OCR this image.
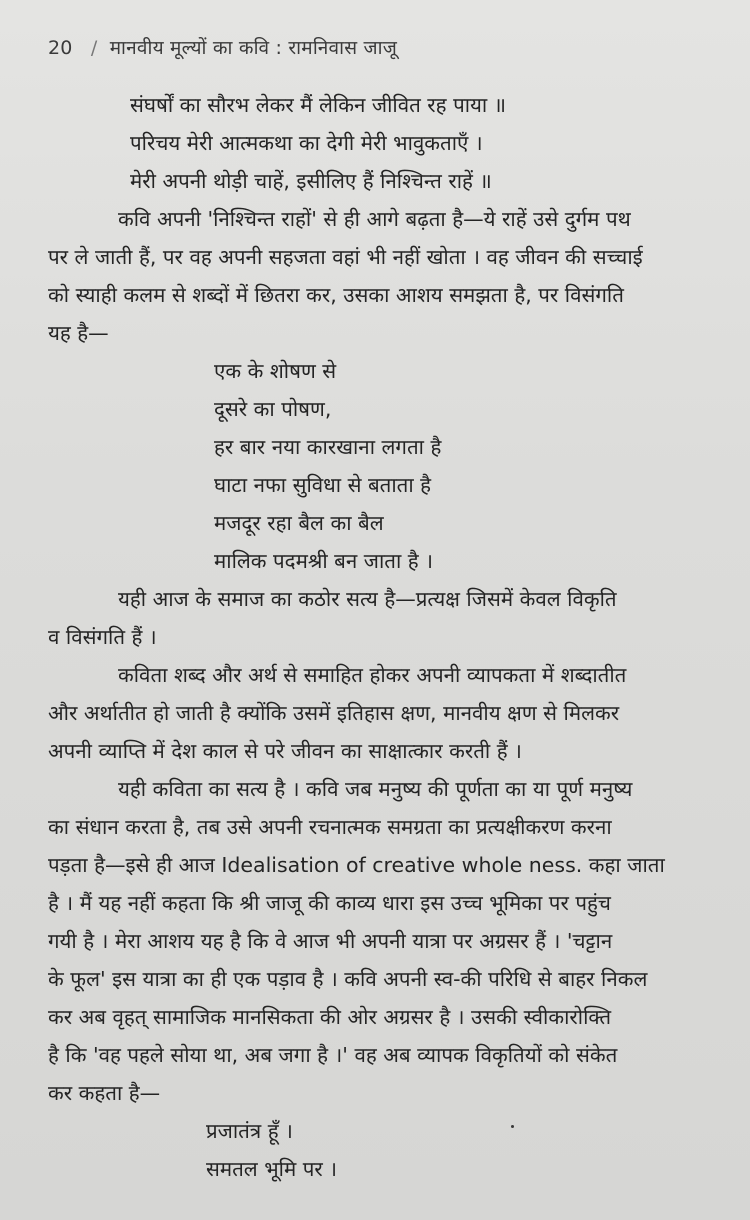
20 / मानवीय मूल्यों का कवि : रामनिवास जाजू
संघर्षों का सौरभ लेकर मैं लेकिन जीवित रह पाया ॥
परिचय मेरी आत्मकथा का देगी मेरी भावुकताएँ ।
मेरी अपनी थोड़ी चाहें, इसीलिए हैं निश्चिन्त राहें ॥
कवि अपनी 'निश्चिन्त राहों' से ही आगे बढ़ता है—ये राहें उसे दुर्गम पथ
पर ले जाती हैं, पर वह अपनी सहजता वहां भी नहीं खोता । वह जीवन की सच्चाई
को स्याही कलम से शब्दों में छितरा कर, उसका आशय समझता है, पर विसंगति
यह है—
एक के शोषण से
दूसरे का पोषण,
हर बार नया कारखाना लगता है
घाटा नफा सुविधा से बताता है
मजदूर रहा बैल का बैल
मालिक पदमश्री बन जाता है ।
यही आज के समाज का कठोर सत्य है—प्रत्यक्ष जिसमें केवल विकृति
व विसंगति हैं ।
कविता शब्द और अर्थ से समाहित होकर अपनी व्यापकता में शब्दातीत
और अर्थातीत हो जाती है क्योंकि उसमें इतिहास क्षण, मानवीय क्षण से मिलकर
अपनी व्याप्ति में देश काल से परे जीवन का साक्षात्कार करती हैं ।
यही कविता का सत्य है । कवि जब मनुष्य की पूर्णता का या पूर्ण मनुष्य
का संधान करता है, तब उसे अपनी रचनात्मक समग्रता का प्रत्यक्षीकरण करना
पड़ता है—इसे ही आज Idealisation of creative whole ness. कहा जाता
है । मैं यह नहीं कहता कि श्री जाजू की काव्य धारा इस उच्च भूमिका पर पहुंच
गयी है । मेरा आशय यह है कि वे आज भी अपनी यात्रा पर अग्रसर हैं । 'चट्टान
के फूल' इस यात्रा का ही एक पड़ाव है । कवि अपनी स्व-की परिधि से बाहर निकल
कर अब वृहत् सामाजिक मानसिकता की ओर अग्रसर है । उसकी स्वीकारोक्ति
है कि 'वह पहले सोया था, अब जगा है ।' वह अब व्यापक विकृतियों को संकेत
कर कहता है—
प्रजातंत्र हूँ ।
समतल भूमि पर ।
